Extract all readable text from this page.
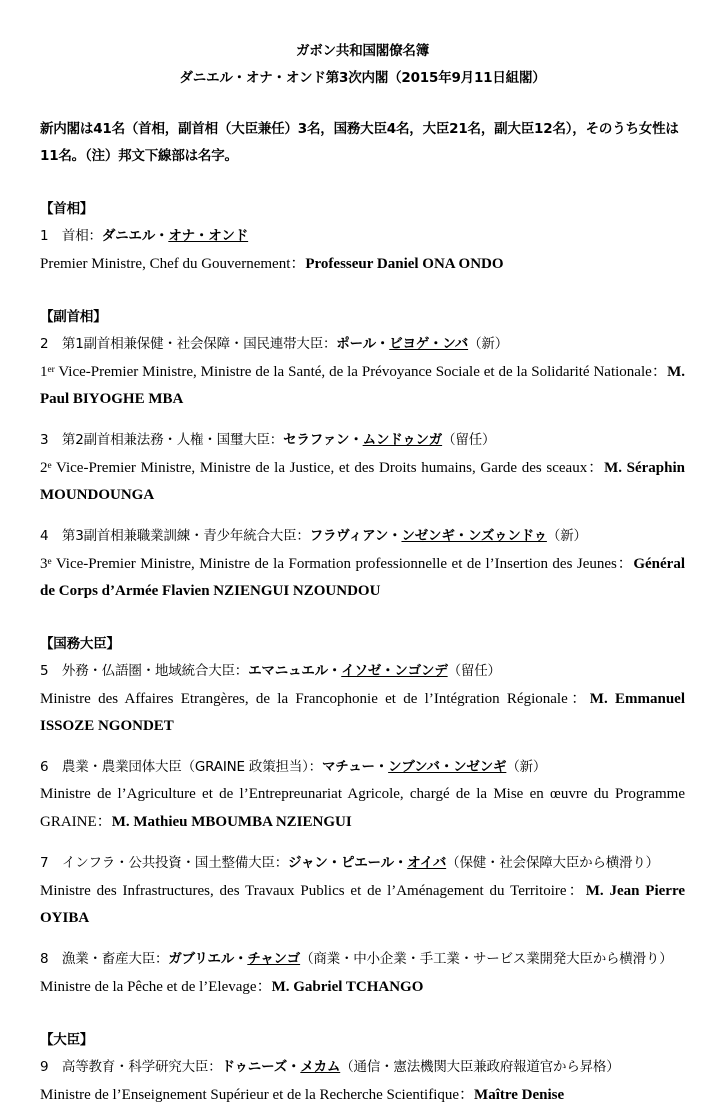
ガボン共和国閣僚名簿
ダニエル・オナ・オンド第3次内閣（2015年9月11日組閣）
新内閣は41名（首相，副首相（大臣兼任）3名，国務大臣4名，大臣21名，副大臣12名），そのうち女性は11名。（注）邦文下線部は名字。
【首相】
1  首相：ダニエル・オナ・オンド
Premier Ministre, Chef du Gouvernement：Professeur Daniel ONA ONDO
【副首相】
2  第1副首相兼保健・社会保障・国民連帯大臣：ポール・ビヨゲ・ンバ（新）
1er Vice-Premier Ministre, Ministre de la Santé, de la Prévoyance Sociale et de la Solidarité Nationale：M. Paul BIYOGHE MBA
3  第2副首相兼法務・人権・国璽大臣：セラファン・ムンドゥンガ（留任）
2e Vice-Premier Ministre, Ministre de la Justice, et des Droits humains, Garde des sceaux：M. Séraphin MOUNDOUNGA
4  第3副首相兼職業訓練・青少年統合大臣：フラヴィアン・ンゼンギ・ンズゥンドゥ（新）
3e Vice-Premier Ministre, Ministre de la Formation professionnelle et de l’Insertion des Jeunes：Général de Corps d’Armée Flavien NZIENGUI NZOUNDOU
【国務大臣】
5  外務・仏語圏・地域統合大臣：エマニュエル・イソゼ・ンゴンデ（留任）
Ministre des Affaires Etrangères, de la Francophonie et de l’Intégration Régionale：M. Emmanuel ISSOZE NGONDET
6  農業・農業団体大臣（GRAINE 政策担当）：マチュー・ンブンバ・ンゼンギ（新）
Ministre de l’Agriculture et de l’Entrepreunariat Agricole, chargé de la Mise en œuvre du Programme GRAINE：M. Mathieu MBOUMBA NZIENGUI
7  インフラ・公共投資・国土整備大臣：ジャン・ピエール・オイバ（保健・社会保障大臣から横滑り）
Ministre des Infrastructures, des Travaux Publics et de l’Aménagement du Territoire：M. Jean Pierre OYIBA
8  漁業・畜産大臣：ガブリエル・チャンゴ（商業・中小企業・手工業・サービス業開発大臣から横滑り）
Ministre de la Pêche et de l’Elevage：M. Gabriel TCHANGO
【大臣】
9  高等教育・科学研究大臣：ドゥニーズ・メカム（通信・憲法機関大臣兼政府報道官から昇格）
Ministre de l’Enseignement Supérieur et de la Recherche Scientifique：Maître Denise
